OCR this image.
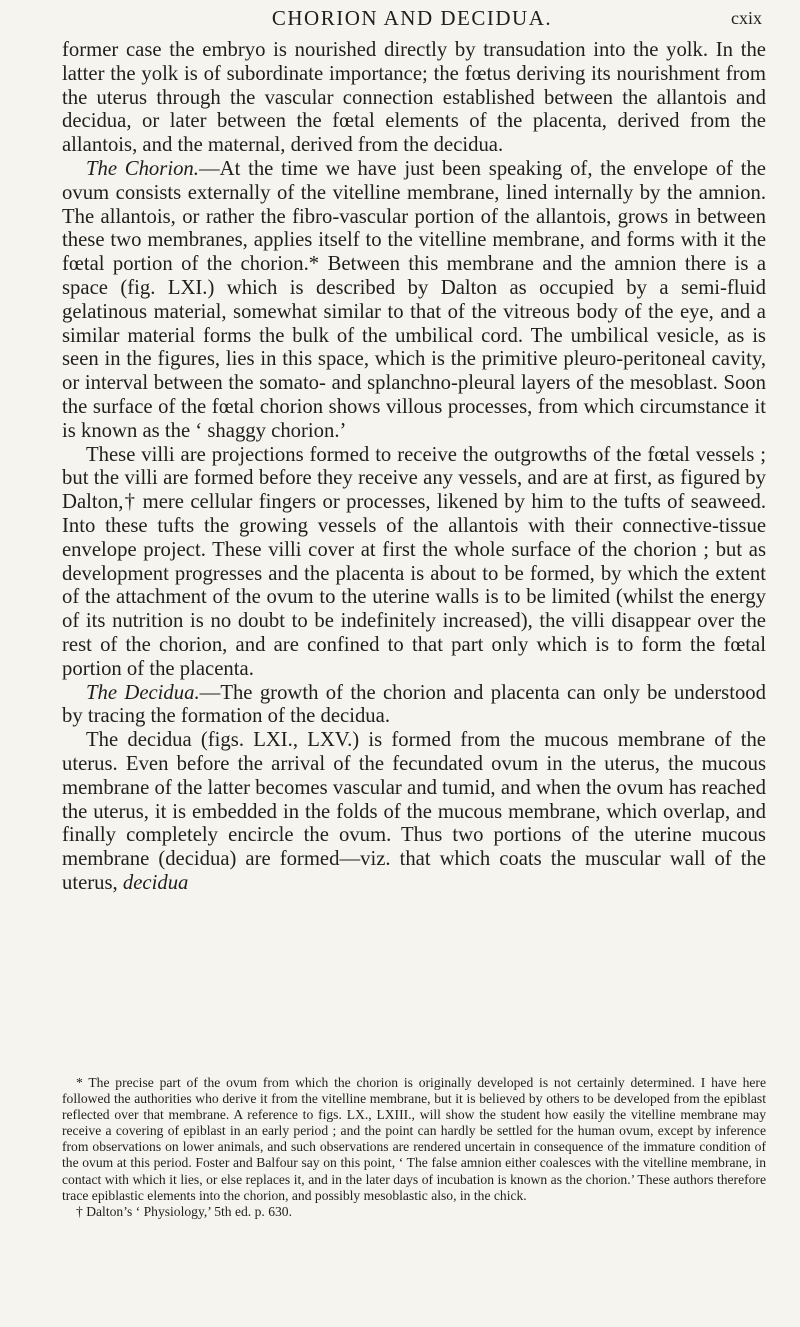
CHORION AND DECIDUA.	cxix

former case the embryo is nourished directly by transudation into the yolk. In the latter the yolk is of subordinate importance; the fœtus deriving its nourishment from the uterus through the vascular connection established between the allantois and decidua, or later between the fœtal elements of the placenta, derived from the allantois, and the maternal, derived from the decidua.

The Chorion.—At the time we have just been speaking of, the envelope of the ovum consists externally of the vitelline membrane, lined internally by the amnion. The allantois, or rather the fibro-vascular portion of the allantois, grows in between these two membranes, applies itself to the vitelline membrane, and forms with it the fœtal portion of the chorion.* Between this membrane and the amnion there is a space (fig. LXI.) which is described by Dalton as occupied by a semi-fluid gelatinous material, somewhat similar to that of the vitreous body of the eye, and a similar material forms the bulk of the umbilical cord. The umbilical vesicle, as is seen in the figures, lies in this space, which is the primitive pleuro-peritoneal cavity, or interval between the somato- and splanchno-pleural layers of the mesoblast. Soon the surface of the fœtal chorion shows villous processes, from which circumstance it is known as the ‘ shaggy chorion.’

These villi are projections formed to receive the outgrowths of the fœtal vessels ; but the villi are formed before they receive any vessels, and are at first, as figured by Dalton,† mere cellular fingers or processes, likened by him to the tufts of seaweed. Into these tufts the growing vessels of the allantois with their connective-tissue envelope project. These villi cover at first the whole surface of the chorion ; but as development progresses and the placenta is about to be formed, by which the extent of the attachment of the ovum to the uterine walls is to be limited (whilst the energy of its nutrition is no doubt to be indefinitely increased), the villi disappear over the rest of the chorion, and are confined to that part only which is to form the fœtal portion of the placenta.

The Decidua.—The growth of the chorion and placenta can only be understood by tracing the formation of the decidua.

The decidua (figs. LXI., LXV.) is formed from the mucous membrane of the uterus. Even before the arrival of the fecundated ovum in the uterus, the mucous membrane of the latter becomes vascular and tumid, and when the ovum has reached the uterus, it is embedded in the folds of the mucous membrane, which overlap, and finally completely encircle the ovum. Thus two portions of the uterine mucous membrane (decidua) are formed—viz. that which coats the muscular wall of the uterus, decidua

* The precise part of the ovum from which the chorion is originally developed is not certainly determined. I have here followed the authorities who derive it from the vitelline membrane, but it is believed by others to be developed from the epiblast reflected over that membrane. A reference to figs. LX., LXIII., will show the student how easily the vitelline membrane may receive a covering of epiblast in an early period ; and the point can hardly be settled for the human ovum, except by inference from observations on lower animals, and such observations are rendered uncertain in consequence of the immature condition of the ovum at this period. Foster and Balfour say on this point, ‘ The false amnion either coalesces with the vitelline membrane, in contact with which it lies, or else replaces it, and in the later days of incubation is known as the chorion.’ These authors therefore trace epiblastic elements into the chorion, and possibly mesoblastic also, in the chick.

† Dalton’s ‘ Physiology,’ 5th ed. p. 630.
